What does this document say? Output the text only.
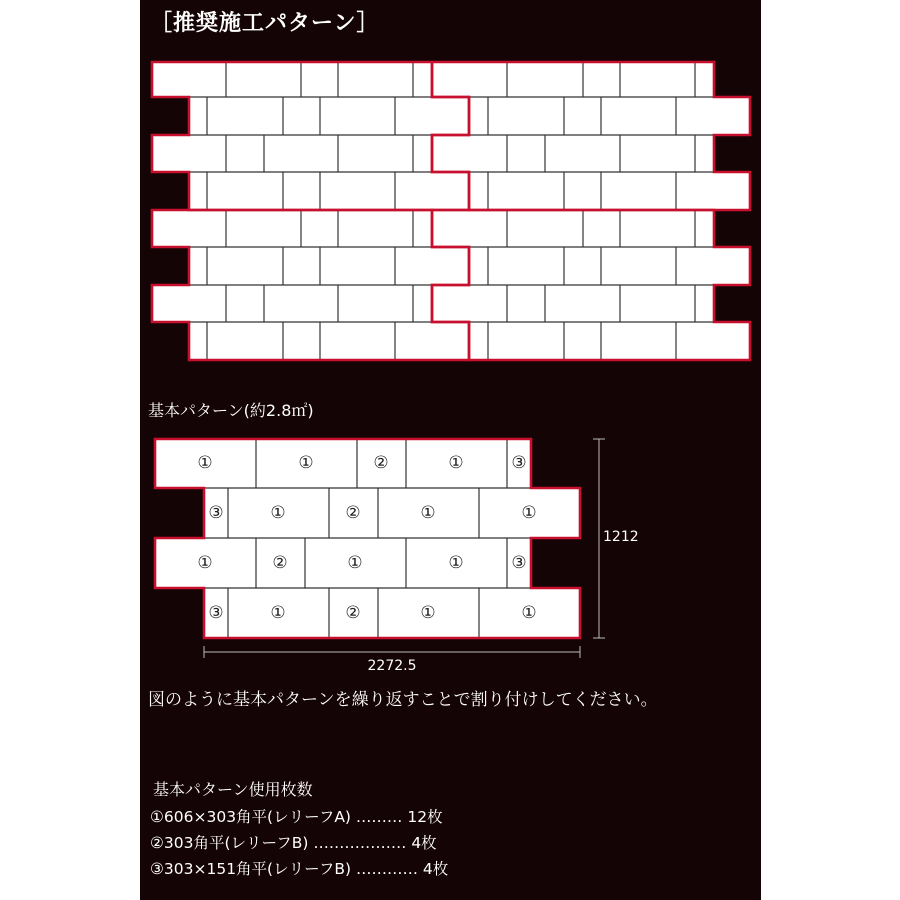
［推奨施工パターン］
①	①	②	①	③
③	①	②	①	①
①	②	①	①	③
③	①	②	①	①
1212
2272.5
基本パターン(約2.8㎡)
図のように基本パターンを繰り返すことで割り付けしてください。
基本パターン使用枚数
①606×303角平(レリーフA) ……… 12枚
②303角平(レリーフB) ……………… 4枚
③303×151角平(レリーフB) ………… 4枚
